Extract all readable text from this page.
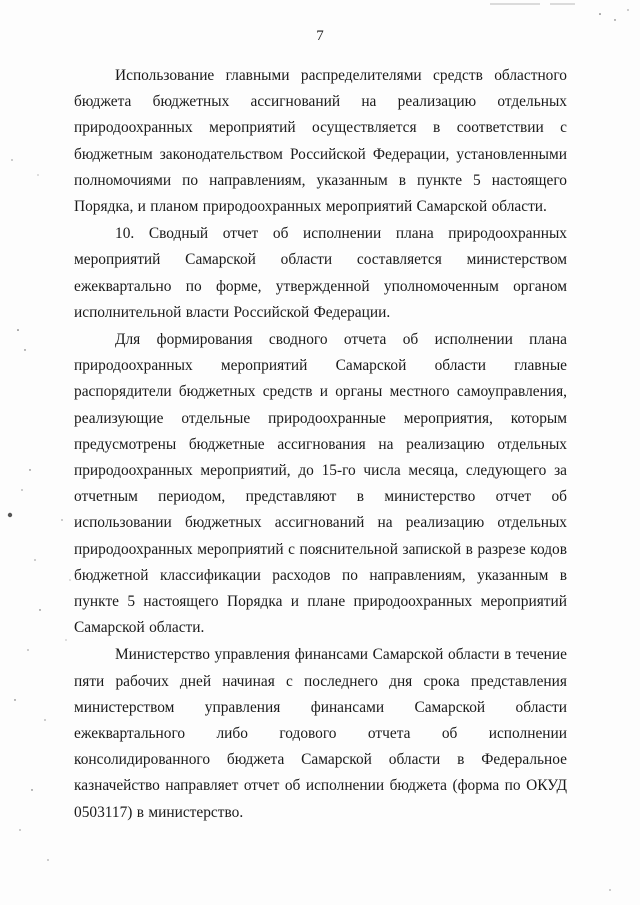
7

Использование главными распределителями средств областного бюджета бюджетных ассигнований на реализацию отдельных природоохранных мероприятий осуществляется в соответствии с бюджетным законодательством Российской Федерации, установленными полномочиями по направлениям, указанным в пункте 5 настоящего Порядка, и планом природоохранных мероприятий Самарской области.

10. Сводный отчет об исполнении плана природоохранных мероприятий Самарской области составляется министерством ежеквартально по форме, утвержденной уполномоченным органом исполнительной власти Российской Федерации.

Для формирования сводного отчета об исполнении плана природоохранных мероприятий Самарской области главные распорядители бюджетных средств и органы местного самоуправления, реализующие отдельные природоохранные мероприятия, которым предусмотрены бюджетные ассигнования на реализацию отдельных природоохранных мероприятий, до 15-го числа месяца, следующего за отчетным периодом, представляют в министерство отчет об использовании бюджетных ассигнований на реализацию отдельных природоохранных мероприятий с пояснительной запиской в разрезе кодов бюджетной классификации расходов по направлениям, указанным в пункте 5 настоящего Порядка и плане природоохранных мероприятий Самарской области.

Министерство управления финансами Самарской области в течение пяти рабочих дней начиная с последнего дня срока представления министерством управления финансами Самарской области ежеквартального либо годового отчета об исполнении консолидированного бюджета Самарской области в Федеральное казначейство направляет отчет об исполнении бюджета (форма по ОКУД 0503117) в министерство.
